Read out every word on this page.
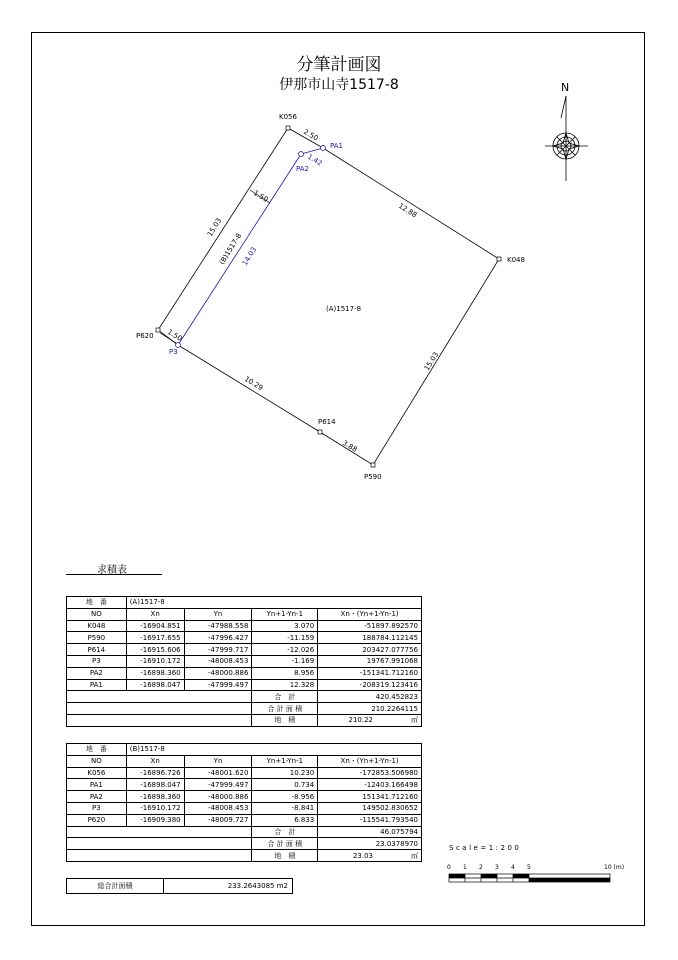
分筆計画図
伊那市山寺1517-8	N
K056
PA1
PA2
K048
P620
P3
P614
P590
(A)1517-8
2.50
12.88
15.03
3.88
10.29
1.50
15.03
14.03
1.42
1.50
(B)1517-8
0 1 2 3 4 5	10 (m)
求積表
地　番	(A)1517-8			
NO	Xn	Yn	Yn+1-Yn-1	Xn・(Yn+1-Yn-1)
K048	-16904.851	-47988.558	3.070	-51897.892570
P590	-16917.655	-47996.427	-11.159	188784.112145
P614	-16915.606	-47999.717	-12.026	203427.077756
P3	-16910.172	-48008.453	-1.169	19767.991068
PA2	-16898.360	-48000.886	8.956	-151341.712160
PA1	-16898.047	-47999.497	12.328	-208319.123416
			合　計	420.452823
			合 計 面 積	210.2264115
			地　積	210.22 ㎡
地　番	(B)1517-8			
NO	Xn	Yn	Yn+1-Yn-1	Xn・(Yn+1-Yn-1)
K056	-16896.726	-48001.620	10.230	-172853.506980
PA1	-16898.047	-47999.497	0.734	-12403.166498
PA2	-16898.360	-48000.886	-8.956	151341.712160
P3	-16910.172	-48008.453	-8.841	149502.830652
P620	-16909.380	-48009.727	6.833	-115541.793540
			合　計	46.075794
			合 計 面 積	23.0378970
			地　積	23.03 ㎡
Scale=1:200
総合計面積	233.2643085 m2
